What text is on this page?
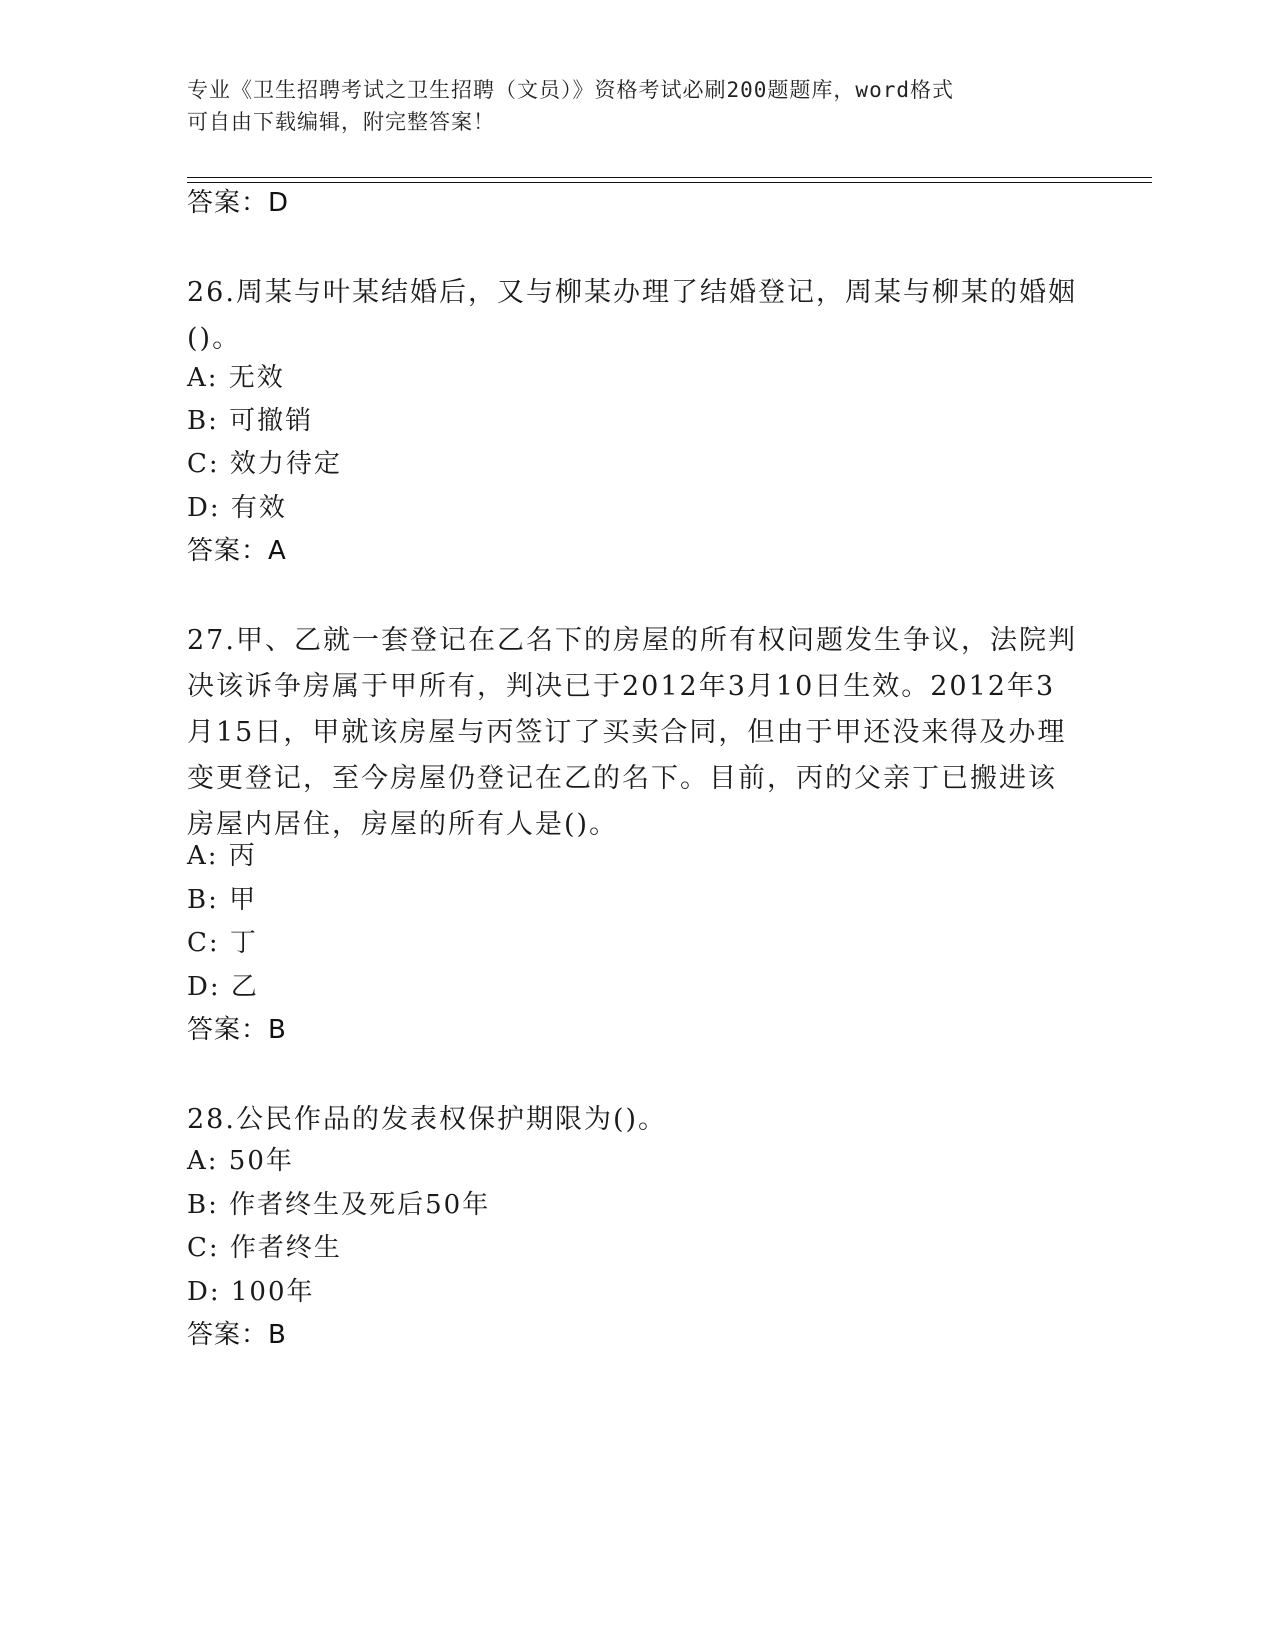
专业《卫生招聘考试之卫生招聘（文员）》资格考试必刷200题题库，word格式
可自由下载编辑，附完整答案！
答案：D
26.周某与叶某结婚后，又与柳某办理了结婚登记，周某与柳某的婚姻
()。
A: 无效
B: 可撤销
C: 效力待定
D: 有效
答案：A
27.甲、乙就一套登记在乙名下的房屋的所有权问题发生争议，法院判
决该诉争房属于甲所有，判决已于2012年3月10日生效。2012年3
月15日，甲就该房屋与丙签订了买卖合同，但由于甲还没来得及办理
变更登记，至今房屋仍登记在乙的名下。目前，丙的父亲丁已搬进该
房屋内居住，房屋的所有人是()。
A: 丙
B: 甲
C: 丁
D: 乙
答案：B
28.公民作品的发表权保护期限为()。
A: 50年
B: 作者终生及死后50年
C: 作者终生
D: 100年
答案：B
